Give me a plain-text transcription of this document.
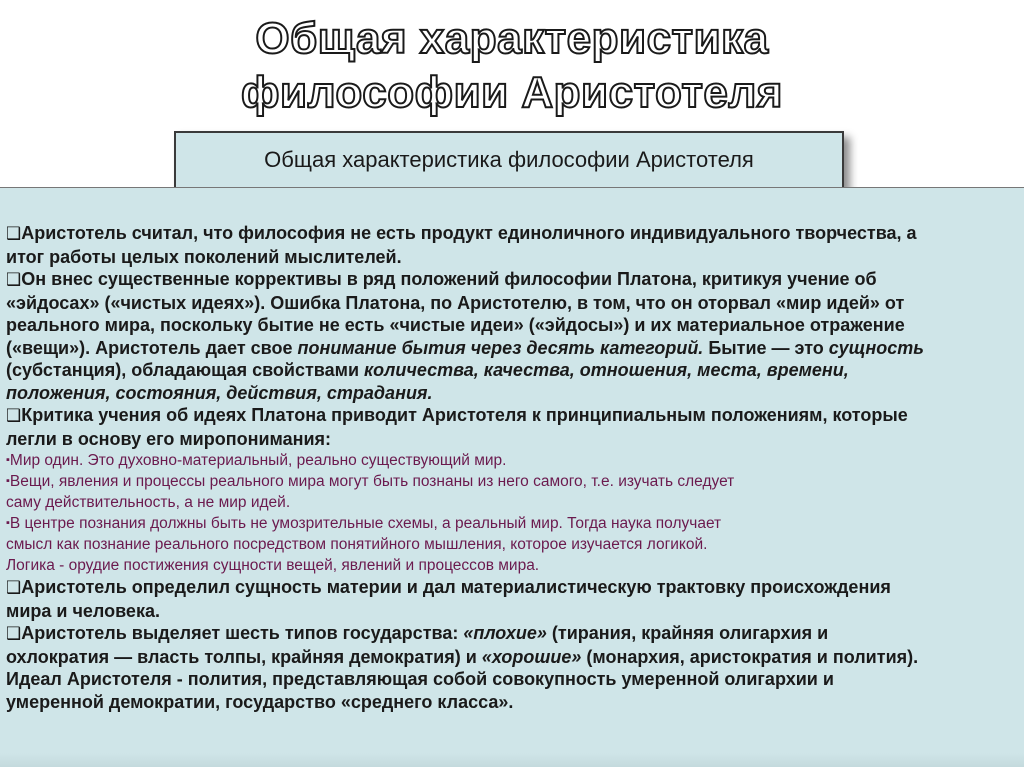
Общая характеристика
философии Аристотеля
Общая характеристика философии Аристотеля

❑Аристотель считал, что философия не есть продукт единоличного индивидуального творчества, а

итог работы целых поколений мыслителей.

❑Он внес существенные коррективы в ряд положений философии Платона, критикуя учение об

«эйдосах» («чистых идеях»). Ошибка Платона, по Аристотелю, в том, что он оторвал «мир идей» от

реального мира, поскольку бытие не есть «чистые идеи» («эйдосы») и их материальное отражение

(«вещи»). Аристотель дает свое понимание бытия через десять категорий. Бытие — это сущность

(субстанция), обладающая свойствами количества, качества, отношения, места, времени,

положения, состояния, действия, страдания.

❑Критика учения об идеях Платона приводит Аристотеля к принципиальным положениям, которые

легли в основу его миропонимания:

▪Мир один. Это духовно-материальный, реально существующий мир.

▪Вещи, явления и процессы реального мира могут быть познаны из него самого, т.е. изучать следует

саму действительность, а не мир идей.

▪В центре познания должны быть не умозрительные схемы, а реальный мир. Тогда наука получает

смысл как познание реального посредством понятийного мышления, которое изучается логикой.

Логика - орудие постижения сущности вещей, явлений и процессов мира.

❑Аристотель определил сущность материи и дал материалистическую трактовку происхождения

мира и человека.

❑Аристотель выделяет шесть типов государства: «плохие» (тирания, крайняя олигархия и

охлократия — власть толпы, крайняя демократия) и «хорошие» (монархия, аристократия и полития).

Идеал Аристотеля - полития, представляющая собой совокупность умеренной олигархии и

умеренной демократии, государство «среднего класса».
